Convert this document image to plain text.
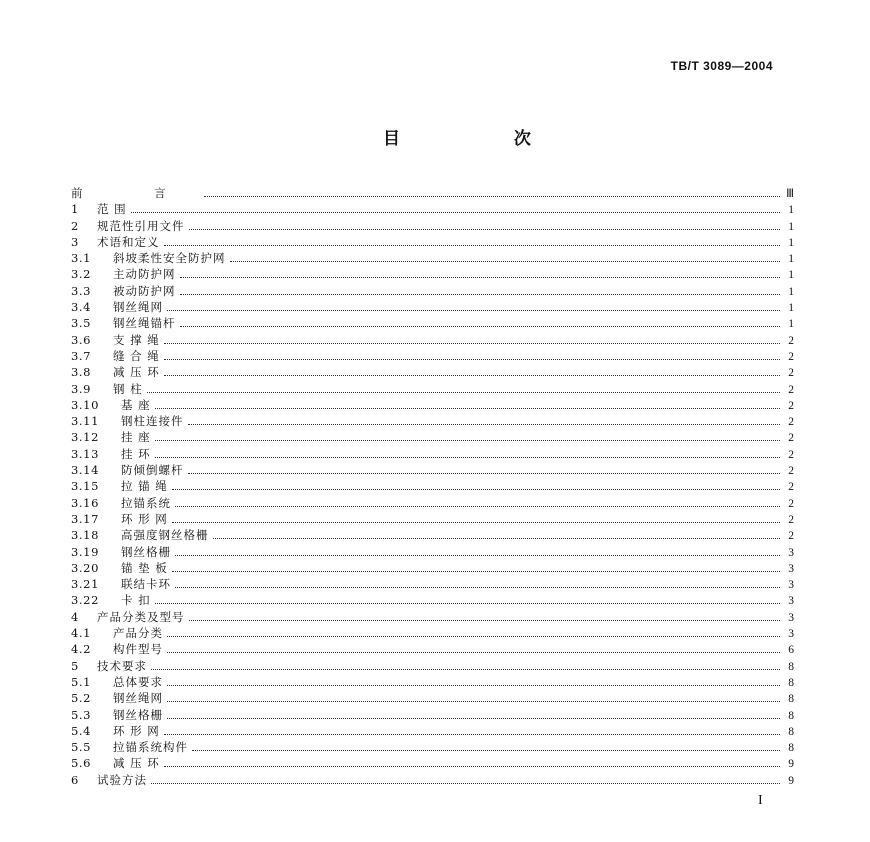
TB/T 3089—2004
目 次
前 言	Ⅲ
1	范 围	1
2	规范性引用文件	1
3	术语和定义	1
3.1	斜坡柔性安全防护网	1
3.2	主动防护网	1
3.3	被动防护网	1
3.4	钢丝绳网	1
3.5	钢丝绳锚杆	1
3.6	支 撑 绳	2
3.7	缝 合 绳	2
3.8	减 压 环	2
3.9	钢 柱	2
3.10	基 座	2
3.11	钢柱连接件	2
3.12	挂 座	2
3.13	挂 环	2
3.14	防倾倒螺杆	2
3.15	拉 锚 绳	2
3.16	拉锚系统	2
3.17	环 形 网	2
3.18	高强度钢丝格栅	2
3.19	钢丝格栅	3
3.20	锚 垫 板	3
3.21	联结卡环	3
3.22	卡 扣	3
4	产品分类及型号	3
4.1	产品分类	3
4.2	构件型号	6
5	技术要求	8
5.1	总体要求	8
5.2	钢丝绳网	8
5.3	钢丝格栅	8
5.4	环 形 网	8
5.5	拉锚系统构件	8
5.6	减 压 环	9
6	试验方法	9
I
